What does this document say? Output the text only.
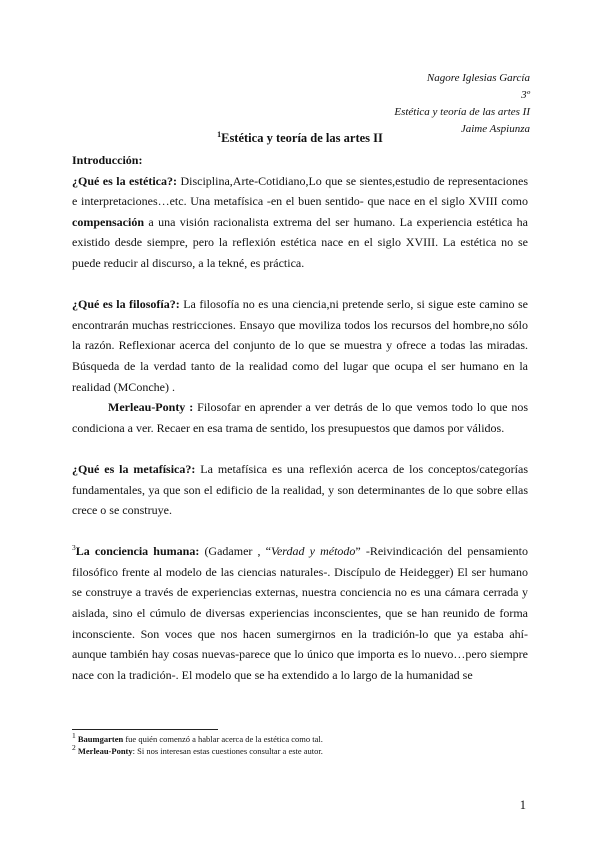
Nagore Iglesias García
3º
Estética y teoría de las artes II
Jaime Aspiunza
$^1$Estética y teoría de las artes II

Introducción:

¿Qué es la estética?: Disciplina,Arte-Cotidiano,Lo que se sientes,estudio de representaciones e interpretaciones…etc. Una metafísica -en el buen sentido- que nace en el siglo XVIII como compensación a una visión racionalista extrema del ser humano. La experiencia estética ha existido desde siempre, pero la reflexión estética nace en el siglo XVIII. La estética no se puede reducir al discurso, a la tekné, es práctica.

¿Qué es la filosofía?: La filosofía no es una ciencia,ni pretende serlo, si sigue este camino se encontrarán muchas restricciones. Ensayo que moviliza todos los recursos del hombre,no sólo la razón. Reflexionar acerca del conjunto de lo que se muestra y ofrece a todas las miradas. Búsqueda de la verdad tanto de la realidad como del lugar que ocupa el ser humano en la realidad (MConche) .

Merleau-Ponty : Filosofar en aprender a ver detrás de lo que vemos todo lo que nos condiciona a ver. Recaer en esa trama de sentido, los presupuestos que damos por válidos.

¿Qué es la metafísica?: La metafísica es una reflexión acerca de los conceptos/categorías fundamentales, ya que son el edificio de la realidad, y son determinantes de lo que sobre ellas crece o se construye.

$^3$La conciencia humana: (Gadamer , “Verdad y método” -Reivindicación del pensamiento filosófico frente al modelo de las ciencias naturales-. Discípulo de Heidegger) El ser humano se construye a través de experiencias externas, nuestra conciencia no es una cámara cerrada y aislada, sino el cúmulo de diversas experiencias inconscientes, que se han reunido de forma inconsciente. Son voces que nos hacen sumergirnos en la tradición-lo que ya estaba ahí- aunque también hay cosas nuevas-parece que lo único que importa es lo nuevo…pero siempre nace con la tradición-. El modelo que se ha extendido a lo largo de la humanidad se

$^1$ Baumgarten fue quién comenzó a hablar acerca de la estética como tal.
$^2$ Merleau-Ponty: Si nos interesan estas cuestiones consultar a este autor.
1
